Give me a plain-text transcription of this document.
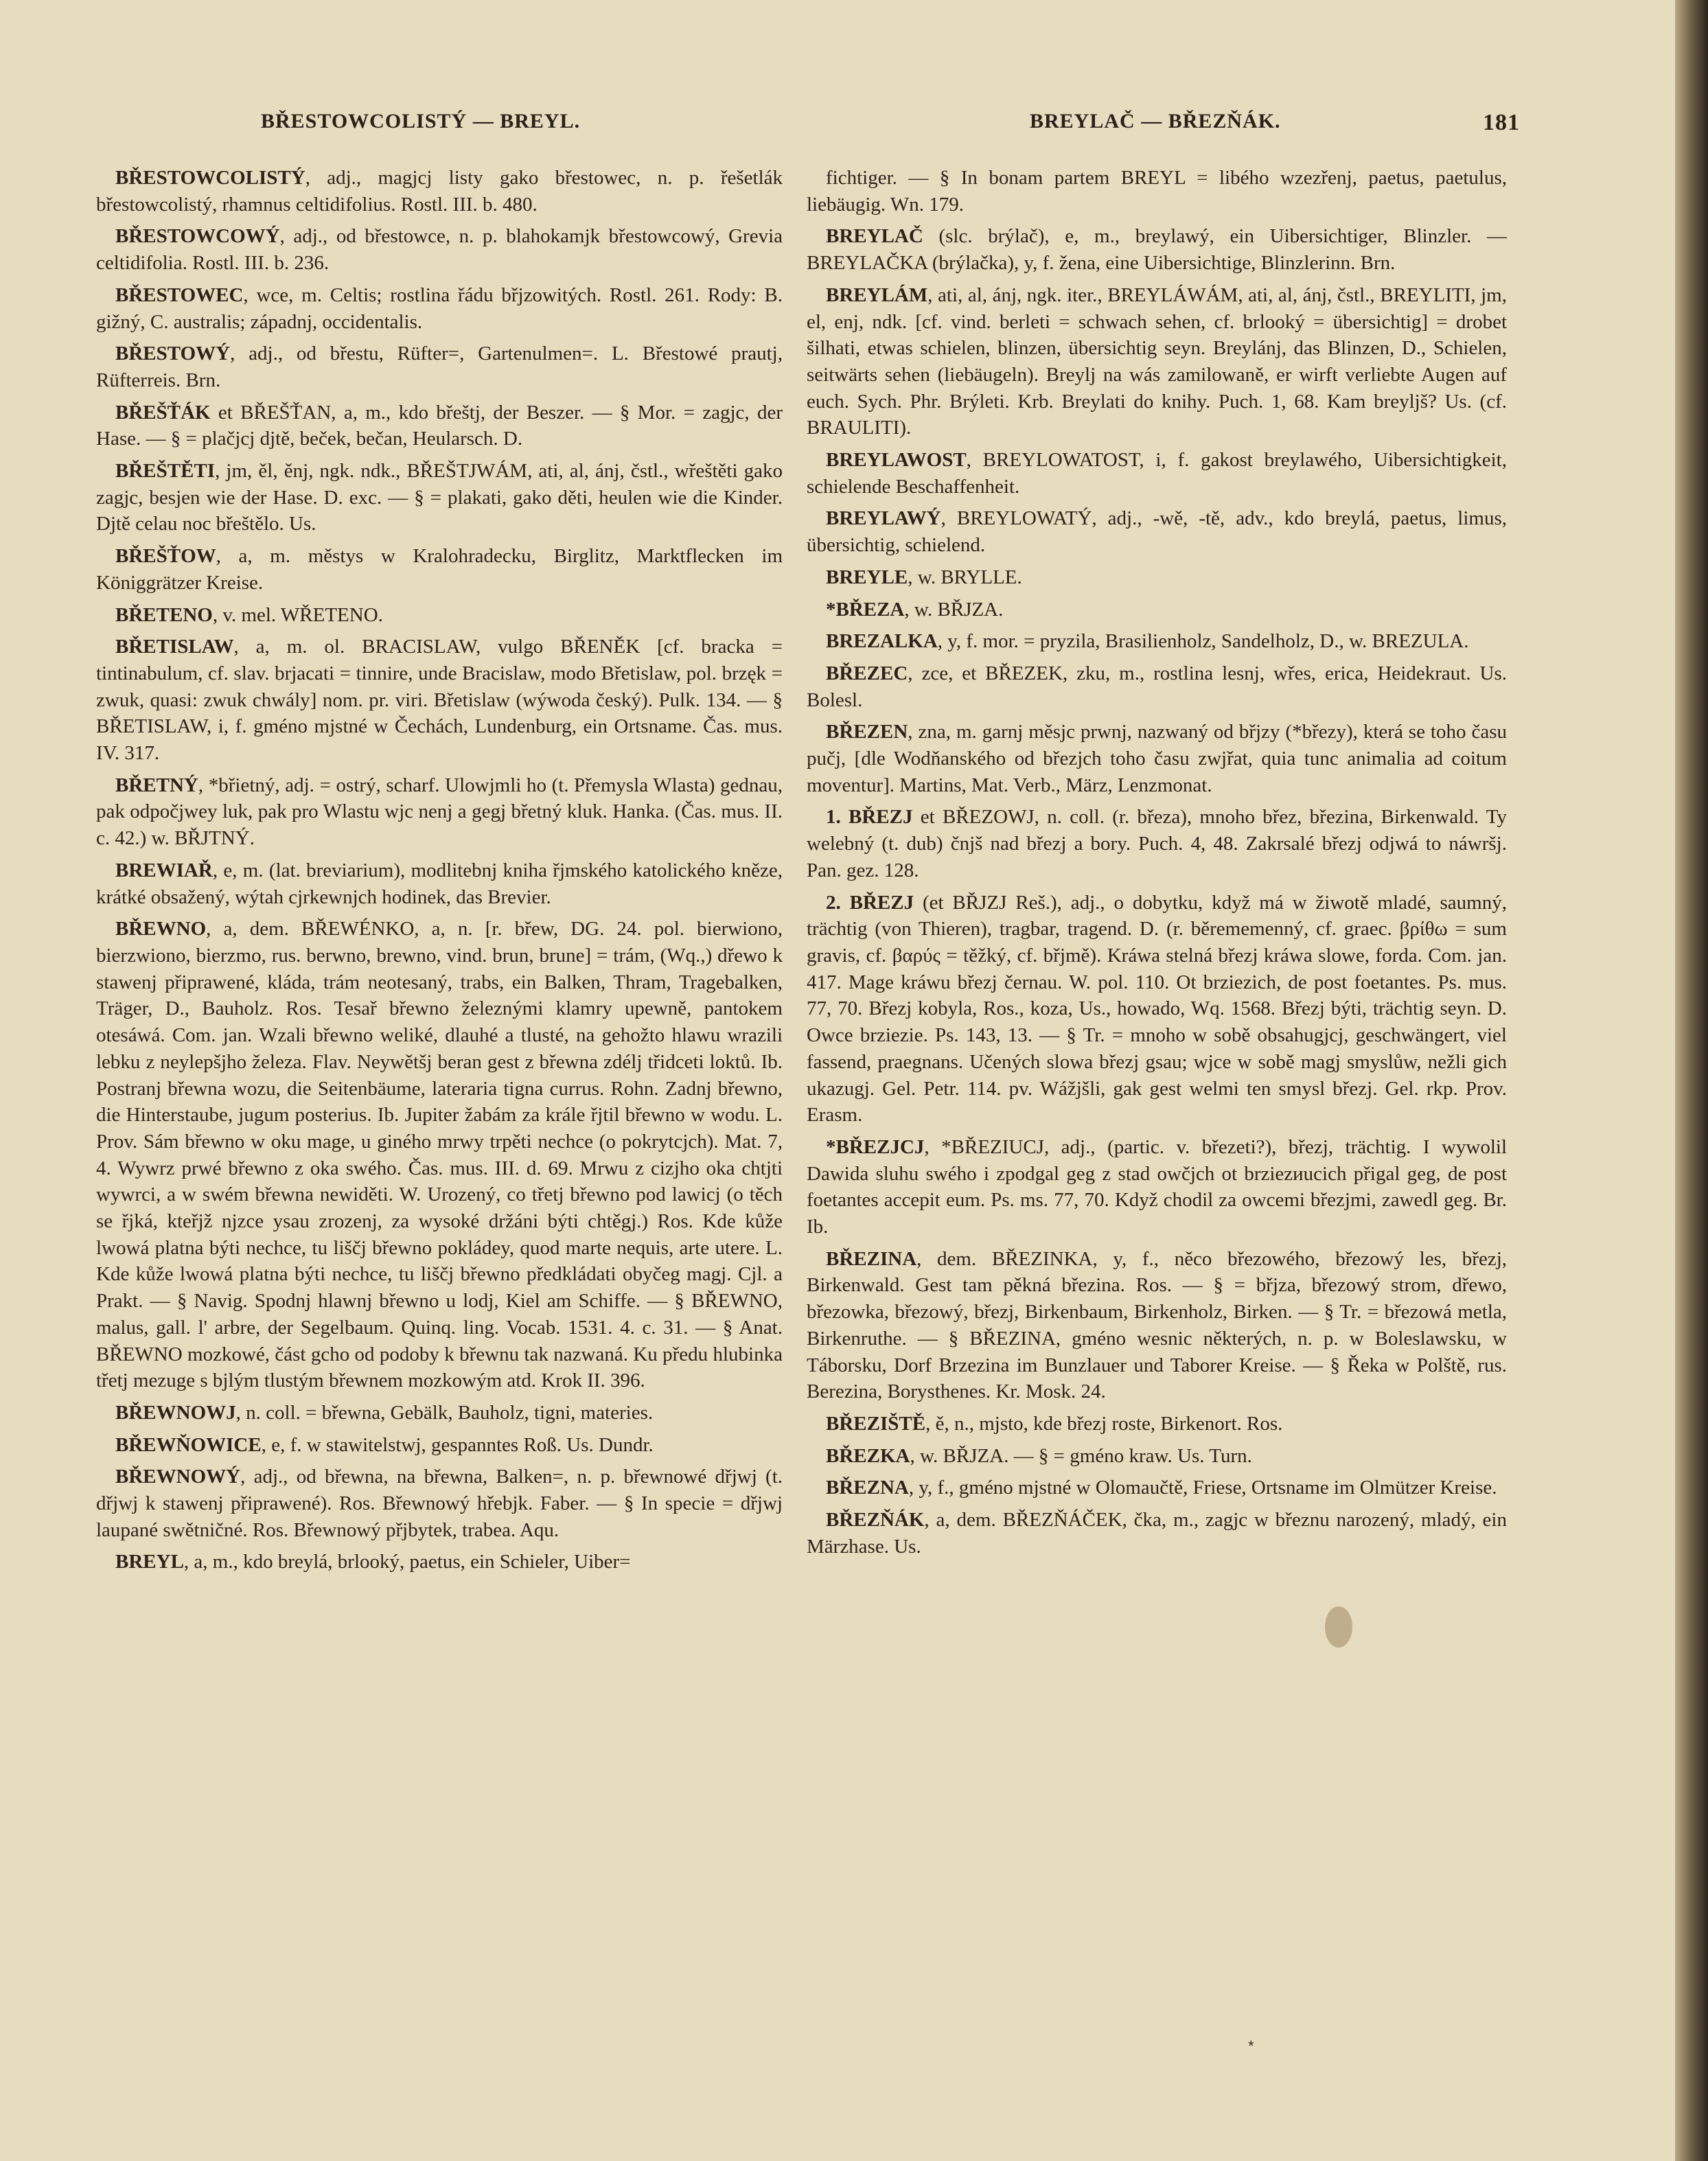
BŘESTOWCOLISTÝ — BREYL.	BREYLAČ — BŘEZŇÁK.	181

BŘESTOWCOLISTÝ, adj., magjcj listy gako břestowec, n. p. řešetlák břestowcolistý, rhamnus celtidifolius. Rostl. III. b. 480.

BŘESTOWCOWÝ, adj., od břestowce, n. p. blahokamjk břestowcowý, Grevia celtidifolia. Rostl. III. b. 236.

BŘESTOWEC, wce, m. Celtis; rostlina řádu břjzowitých. Rostl. 261. Rody: B. gižný, C. australis; západnj, occidentalis.

BŘESTOWÝ, adj., od břestu, Rüfter=, Gartenulmen=. L. Břestowé prautj, Rüfterreis. Brn.

BŘEŠŤÁK et BŘEŠŤAN, a, m., kdo břeštj, der Beszer. — § Mor. = zagjc, der Hase. — § = plačjcj djtě, beček, bečan, Heularsch. D.

BŘEŠTĚTI, jm, ěl, ěnj, ngk. ndk., BŘEŠTJWÁM, ati, al, ánj, čstl., wřeštěti gako zagjc, besjen wie der Hase. D. exc. — § = plakati, gako děti, heulen wie die Kinder. Djtě celau noc břeštělo. Us.

BŘEŠŤOW, a, m. městys w Kralohradecku, Birglitz, Marktflecken im Königgrätzer Kreise.

BŘETENO, v. mel. WŘETENO.

BŘETISLAW, a, m. ol. BRACISLAW, vulgo BŘENĚK [cf. bracka = tintinabulum, cf. slav. brjacati = tinnire, unde Bracislaw, modo Břetislaw, pol. brzęk = zwuk, quasi: zwuk chwály] nom. pr. viri. Břetislaw (wýwoda český). Pulk. 134. — § BŘETISLAW, i, f. gméno mjstné w Čechách, Lundenburg, ein Ortsname. Čas. mus. IV. 317.

BŘETNÝ, *břietný, adj. = ostrý, scharf. Ulowjmli ho (t. Přemysla Wlasta) gednau, pak odpočjwey luk, pak pro Wlastu wjc nenj a gegj břetný kluk. Hanka. (Čas. mus. II. c. 42.) w. BŘJTNÝ.

BREWIAŘ, e, m. (lat. breviarium), modlitebnj kniha řjmského katolického kněze, krátké obsažený, wýtah cjrkewnjch hodinek, das Brevier.

BŘEWNO, a, dem. BŘEWÉNKO, a, n. [r. břew, DG. 24. pol. bierwiono, bierzwiono, bierzmo, rus. berwno, brewno, vind. brun, brune] = trám, (Wq.,) dřewo k stawenj připrawené, kláda, trám neotesaný, trabs, ein Balken, Thram, Tragebalken, Träger, D., Bauholz. Ros. Tesař břewno železnými klamry upewně, pantokem otesáwá. Com. jan. Wzali břewno weliké, dlauhé a tlusté, na gehožto hlawu wrazili lebku z neylepšjho železa. Flav. Neywětšj beran gest z břewna zdélj třidceti loktů. Ib. Postranj břewna wozu, die Seitenbäume, lateraria tigna currus. Rohn. Zadnj břewno, die Hinterstaube, jugum posterius. Ib. Jupiter žabám za krále řjtil břewno w wodu. L. Prov. Sám břewno w oku mage, u giného mrwy trpěti nechce (o pokrytcjch). Mat. 7, 4. Wywrz prwé břewno z oka swého. Čas. mus. III. d. 69. Mrwu z cizjho oka chtjti wywrci, a w swém břewna newiděti. W. Urozený, co třetj břewno pod lawicj (o těch se řjká, kteřjž njzce ysau zrozenj, za wysoké držáni býti chtěgj.) Ros. Kde kůže lwowá platna býti nechce, tu liščj břewno pokládey, quod marte nequis, arte utere. L. Kde kůže lwowá platna býti nechce, tu liščj břewno předkládati obyčeg magj. Cjl. a Prakt. — § Navig. Spodnj hlawnj břewno u lodj, Kiel am Schiffe. — § BŘEWNO, malus, gall. l' arbre, der Segelbaum. Quinq. ling. Vocab. 1531. 4. c. 31. — § Anat. BŘEWNO mozkowé, část gcho od podoby k břewnu tak nazwaná. Ku předu hlubinka třetj mezuge s bjlým tlustým břewnem mozkowým atd. Krok II. 396.

BŘEWNOWJ, n. coll. = břewna, Gebälk, Bauholz, tigni, materies.

BŘEWŇOWICE, e, f. w stawitelstwj, gespanntes Roß. Us. Dundr.

BŘEWNOWÝ, adj., od břewna, na břewna, Balken=, n. p. břewnowé dřjwj (t. dřjwj k stawenj připrawené). Ros. Břewnowý hřebjk. Faber. — § In specie = dřjwj laupané swětničné. Ros. Břewnowý přjbytek, trabea. Aqu.

BREYL, a, m., kdo breylá, brlooký, paetus, ein Schieler, Uiber=

fichtiger. — § In bonam partem BREYL = libého wzezřenj, paetus, paetulus, liebäugig. Wn. 179.

BREYLAČ (slc. brýlač), e, m., breylawý, ein Uibersichtiger, Blinzler. — BREYLAČKA (brýlačka), y, f. žena, eine Uibersichtige, Blinzlerinn. Brn.

BREYLÁM, ati, al, ánj, ngk. iter., BREYLÁWÁM, ati, al, ánj, čstl., BREYLITI, jm, el, enj, ndk. [cf. vind. berleti = schwach sehen, cf. brlooký = übersichtig] = drobet šilhati, etwas schielen, blinzen, übersichtig seyn. Breylánj, das Blinzen, D., Schielen, seitwärts sehen (liebäugeln). Breylj na wás zamilowaně, er wirft verliebte Augen auf euch. Sych. Phr. Brýleti. Krb. Breylati do knihy. Puch. 1, 68. Kam breylјš? Us. (cf. BRAULITI).

BREYLAWOST, BREYLOWATOST, i, f. gakost breylawého, Uibersichtigkeit, schielende Beschaffenheit.

BREYLAWÝ, BREYLOWATÝ, adj., -wě, -tě, adv., kdo breylá, paetus, limus, übersichtig, schielend.

BREYLE, w. BRYLLE.

*BŘEZA, w. BŘJZA.

BREZALKA, y, f. mor. = pryzila, Brasilienholz, Sandelholz, D., w. BREZULA.

BŘEZEC, zce, et BŘEZEK, zku, m., rostlina lesnj, wřes, erica, Heidekraut. Us. Bolesl.

BŘEZEN, zna, m. garnj měsjc prwnj, nazwaný od břjzy (*březy), která se toho času pučj, [dle Wodňanského od březjch toho času zwjřat, quia tunc animalia ad coitum moventur]. Martins, Mat. Verb., März, Lenzmonat.

1. BŘEZJ et BŘEZOWJ, n. coll. (r. březa), mnoho břez, březina, Birkenwald. Ty welebný (t. dub) čnjš nad březj a bory. Puch. 4, 48. Zakrsalé březj odjwá to náwršj. Pan. gez. 128.

2. BŘEZJ (et BŘJZJ Reš.), adj., o dobytku, když má w žiwotě mladé, saumný, trächtig (von Thieren), tragbar, tragend. D. (r. běrememenný, cf. graec. βρίθω = sum gravis, cf. βαρύς = těžký, cf. břjmě). Kráwa stelná březj kráwa slowe, forda. Com. jan. 417. Mage kráwu březj černau. W. pol. 110. Ot brziezich, de post foetantes. Ps. mus. 77, 70. Březj kobyla, Ros., koza, Us., howado, Wq. 1568. Březj býti, trächtig seyn. D. Owce brzieziе. Ps. 143, 13. — § Tr. = mnoho w sobě obsahugjcj, geschwängert, viel fassend, praegnans. Učených slowa březj gsau; wjce w sobě magj smyslůw, nežli gich ukazugj. Gel. Petr. 114. pv. Wážjšli, gak gest welmi ten smysl březj. Gel. rkp. Prov. Erasm.

*BŘEZJCJ, *BŘEZIUCJ, adj., (partic. v. březeti?), březj, trächtig. I wywolil Dawida sluhu swého i zpodgal geg z stad owčjch ot brziezиucich přigal geg, de post foetantes accepit eum. Ps. ms. 77, 70. Když chodil za owcemi březjmi, zawedl geg. Br. Ib.

BŘEZINA, dem. BŘEZINKA, y, f., něco březowého, březowý les, březj, Birkenwald. Gest tam pěkná březina. Ros. — § = břjza, březowý strom, dřewo, březowka, březowý, březj, Birkenbaum, Birkenholz, Birken. — § Tr. = březowá metla, Birkenruthe. — § BŘEZINA, gméno wesnic některých, n. p. w Boleslawsku, w Táborsku, Dorf Brzezina im Bunzlauer und Taborer Kreise. — § Řeka w Polště, rus. Berezina, Borysthenes. Kr. Mosk. 24.

BŘEZIŠTĚ, ě, n., mjsto, kde březj roste, Birkenort. Ros.

BŘEZKA, w. BŘJZA. — § = gméno kraw. Us. Turn.

BŘEZNA, y, f., gméno mjstné w Olomaučtě, Friese, Ortsname im Olmützer Kreise.

BŘEZŇÁK, a, dem. BŘEZŇÁČEK, čka, m., zagjc w březnu narozený, mladý, ein Märzhase. Us.

*
